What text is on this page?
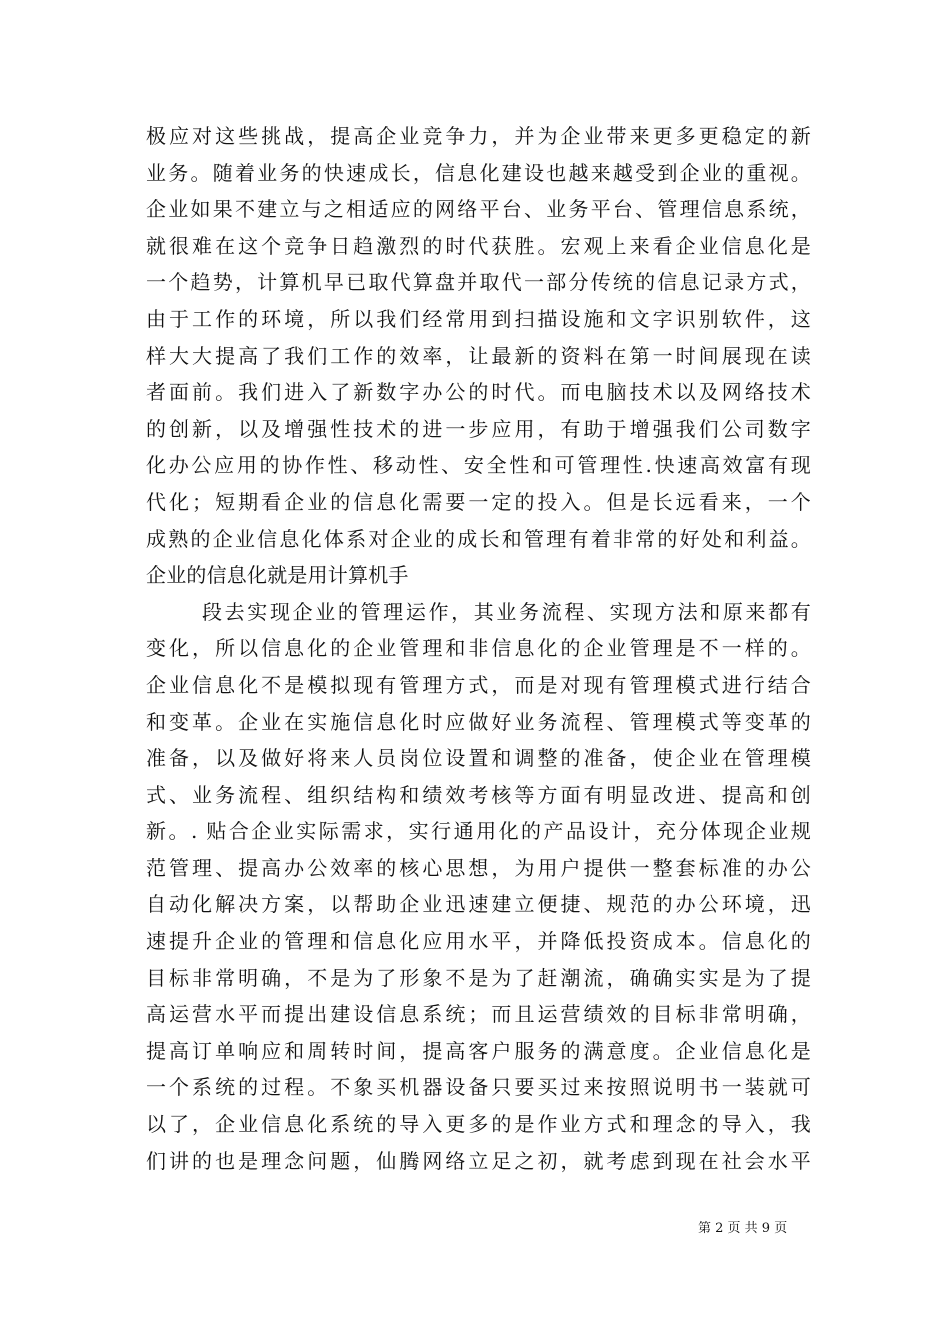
极应对这些挑战，提高企业竞争力，并为企业带来更多更稳定的新
业务。随着业务的快速成长，信息化建设也越来越受到企业的重视。
企业如果不建立与之相适应的网络平台、业务平台、管理信息系统，
就很难在这个竞争日趋激烈的时代获胜。宏观上来看企业信息化是
一个趋势，计算机早已取代算盘并取代一部分传统的信息记录方式，
由于工作的环境，所以我们经常用到扫描设施和文字识别软件，这
样大大提高了我们工作的效率，让最新的资料在第一时间展现在读
者面前。我们进入了新数字办公的时代。而电脑技术以及网络技术
的创新，以及增强性技术的进一步应用，有助于增强我们公司数字
化办公应用的协作性、移动性、安全性和可管理性.快速高效富有现
代化；短期看企业的信息化需要一定的投入。但是长远看来，一个
成熟的企业信息化体系对企业的成长和管理有着非常的好处和利益。
企业的信息化就是用计算机手
段去实现企业的管理运作，其业务流程、实现方法和原来都有
变化，所以信息化的企业管理和非信息化的企业管理是不一样的。
企业信息化不是模拟现有管理方式，而是对现有管理模式进行结合
和变革。企业在实施信息化时应做好业务流程、管理模式等变革的
准备，以及做好将来人员岗位设置和调整的准备，使企业在管理模
式、业务流程、组织结构和绩效考核等方面有明显改进、提高和创
新。. 贴合企业实际需求，实行通用化的产品设计，充分体现企业规
范管理、提高办公效率的核心思想，为用户提供一整套标准的办公
自动化解决方案，以帮助企业迅速建立便捷、规范的办公环境，迅
速提升企业的管理和信息化应用水平，并降低投资成本。信息化的
目标非常明确，不是为了形象不是为了赶潮流，确确实实是为了提
高运营水平而提出建设信息系统；而且运营绩效的目标非常明确，
提高订单响应和周转时间，提高客户服务的满意度。企业信息化是
一个系统的过程。不象买机器设备只要买过来按照说明书一装就可
以了，企业信息化系统的导入更多的是作业方式和理念的导入，我
们讲的也是理念问题，仙腾网络立足之初，就考虑到现在社会水平
第 2 页 共 9 页
